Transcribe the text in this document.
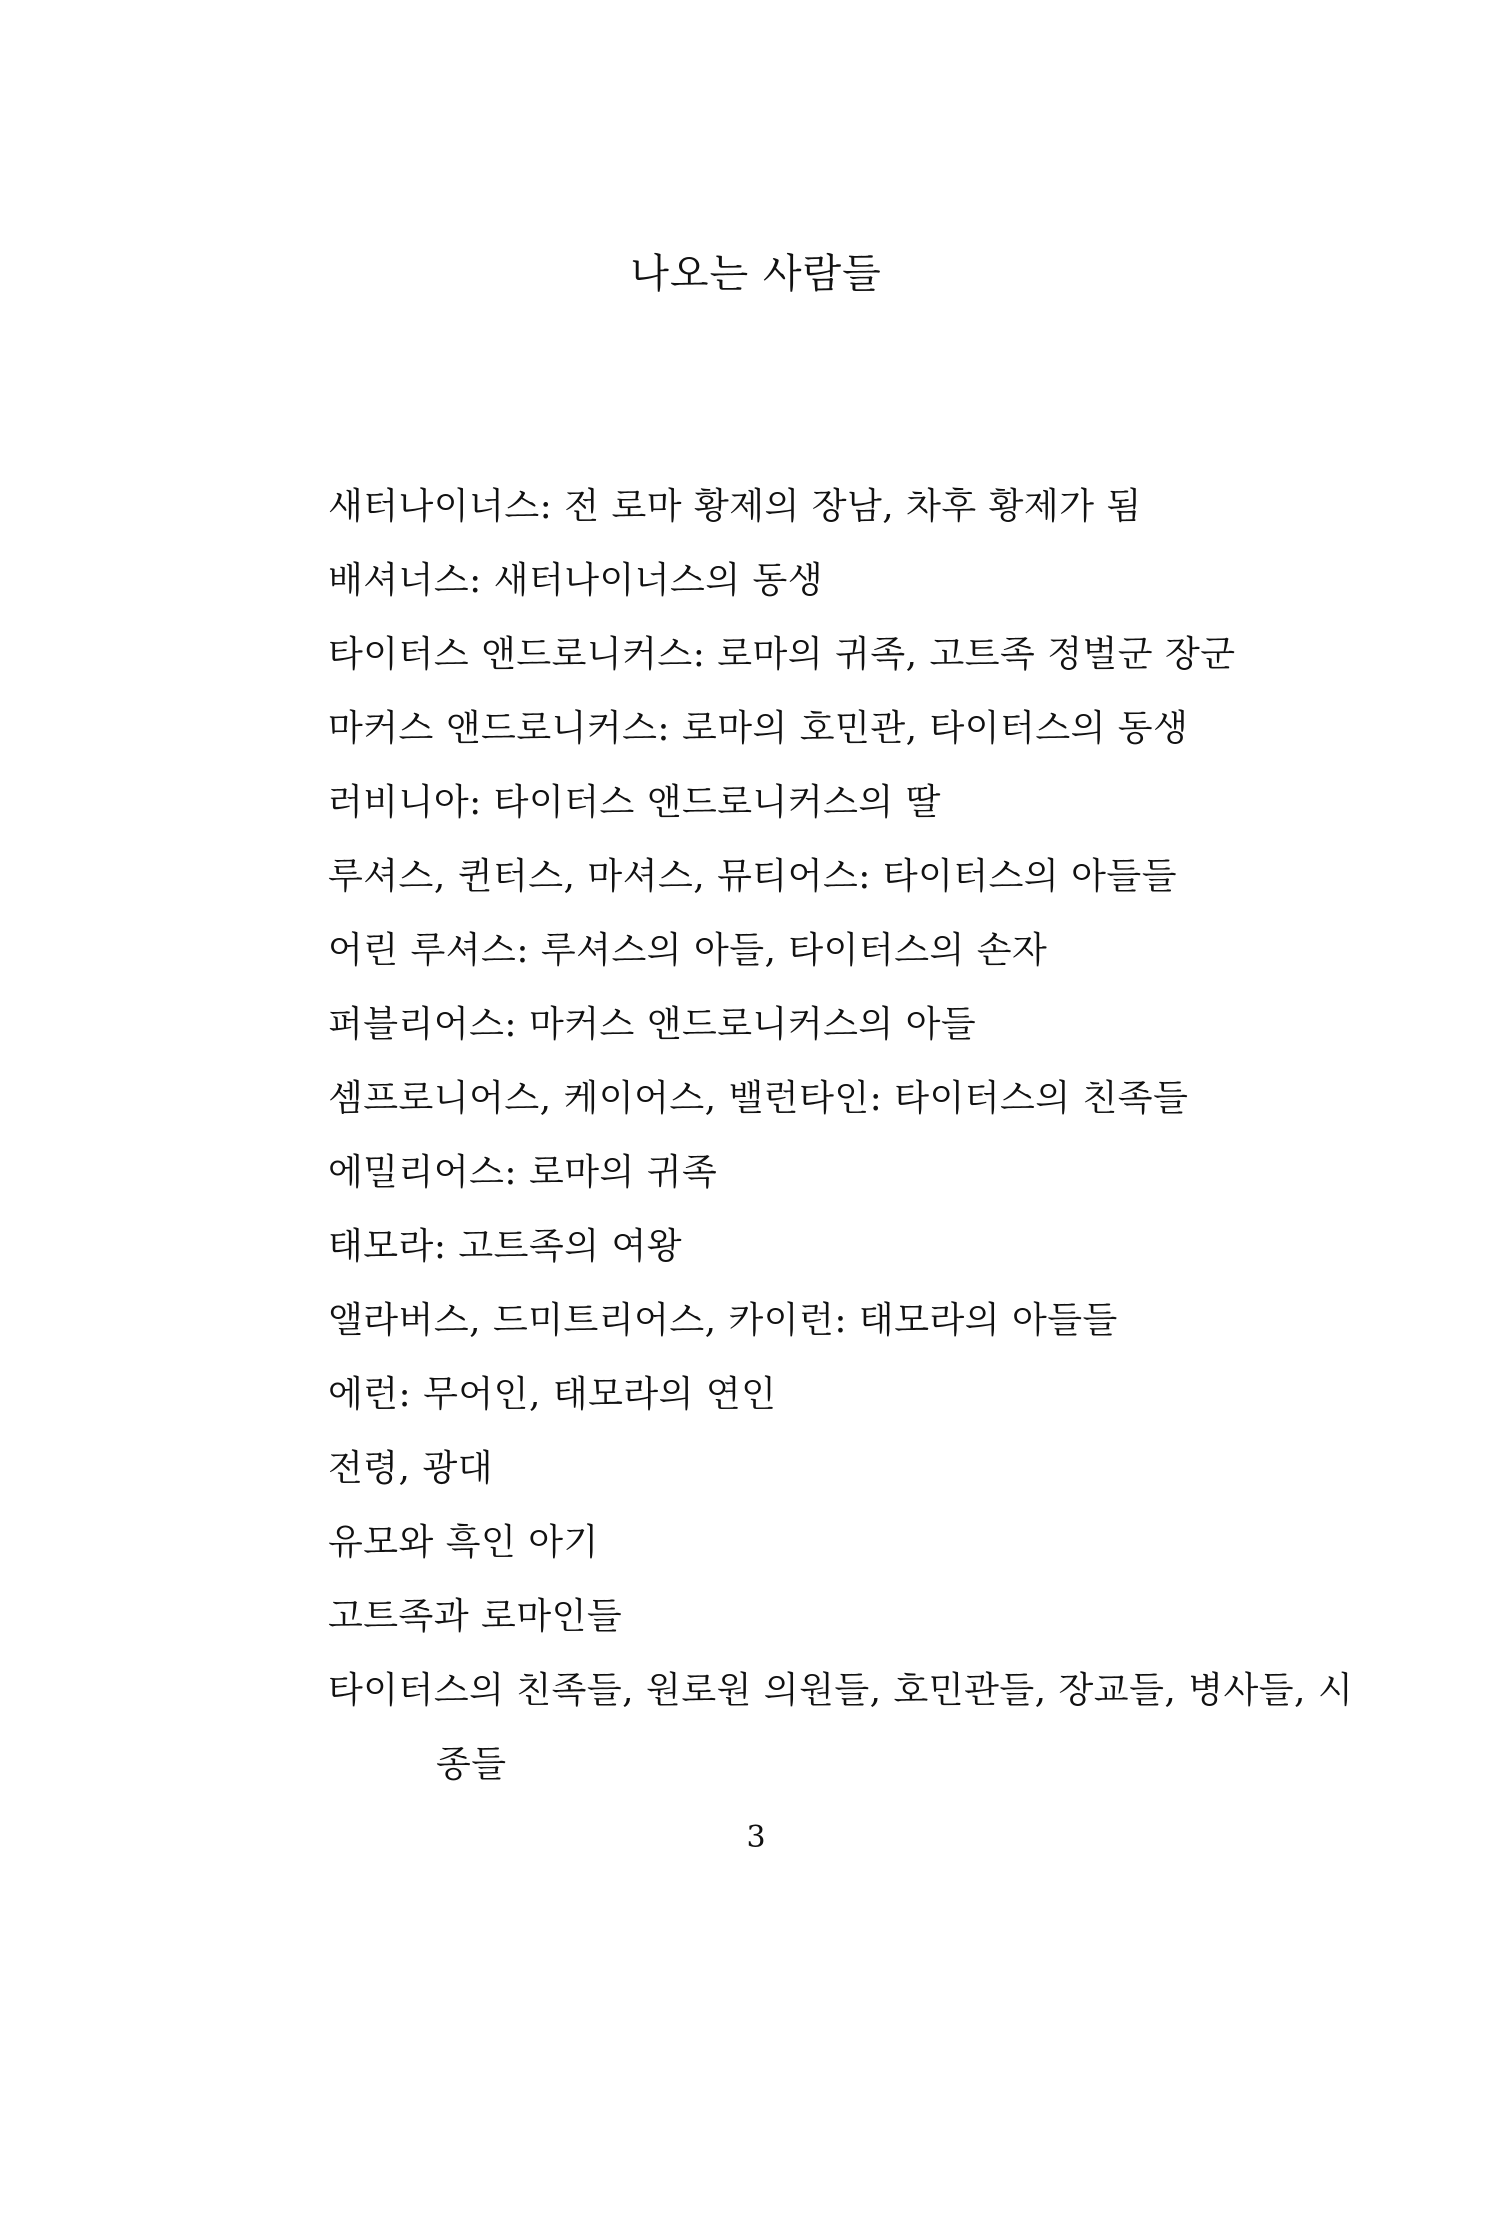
나오는 사람들
새터나이너스: 전 로마 황제의 장남, 차후 황제가 됨
배셔너스: 새터나이너스의 동생
타이터스 앤드로니커스: 로마의 귀족, 고트족 정벌군 장군
마커스 앤드로니커스: 로마의 호민관, 타이터스의 동생
러비니아: 타이터스 앤드로니커스의 딸
루셔스, 퀸터스, 마셔스, 뮤티어스: 타이터스의 아들들
어린 루셔스: 루셔스의 아들, 타이터스의 손자
퍼블리어스: 마커스 앤드로니커스의 아들
셈프로니어스, 케이어스, 밸런타인: 타이터스의 친족들
에밀리어스: 로마의 귀족
태모라: 고트족의 여왕
앨라버스, 드미트리어스, 카이런: 태모라의 아들들
에런: 무어인, 태모라의 연인
전령, 광대
유모와 흑인 아기
고트족과 로마인들
타이터스의 친족들, 원로원 의원들, 호민관들, 장교들, 병사들, 시종들
3
